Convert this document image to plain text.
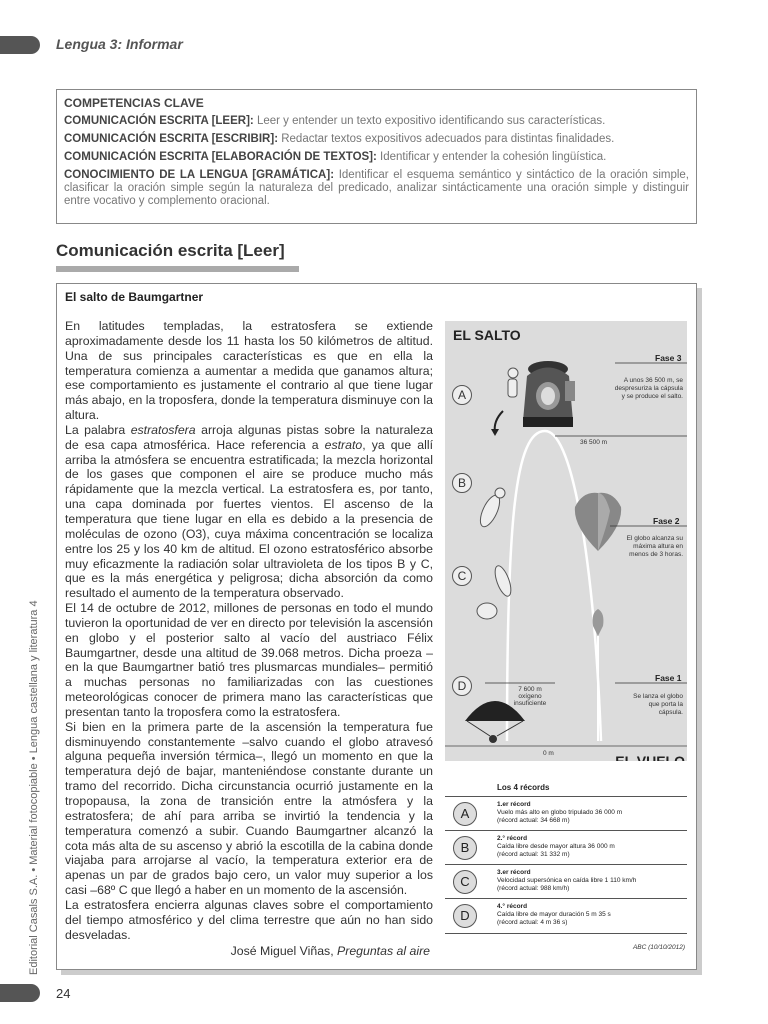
Lengua 3: Informar
Editorial Casals S.A. • Material fotocopiable • Lengua castellana y literatura 4
COMPETENCIAS CLAVE

COMUNICACIÓN ESCRITA [LEER]: Leer y entender un texto expositivo identificando sus características.

COMUNICACIÓN ESCRITA [ESCRIBIR]: Redactar textos expositivos adecuados para distintas finalidades.

COMUNICACIÓN ESCRITA [ELABORACIÓN DE TEXTOS]: Identificar y entender la cohesión lingüística.

CONOCIMIENTO DE LA LENGUA [GRAMÁTICA]: Identificar el esquema semántico y sintáctico de la oración simple, clasificar la oración simple según la naturaleza del predicado, analizar sintácticamente una oración simple y distinguir entre vocativo y complemento oracional.

Comunicación escrita [Leer]
El salto de Baumgartner

En latitudes templadas, la estratosfera se extiende aproximadamente desde los 11 hasta los 50 kilómetros de altitud. Una de sus principales características es que en ella la temperatura comienza a aumentar a medida que ganamos altura; ese comportamiento es justamente el contrario al que tiene lugar más abajo, en la troposfera, donde la temperatura disminuye con la altura.

La palabra estratosfera arroja algunas pistas sobre la naturaleza de esa capa atmosférica. Hace referencia a estrato, ya que allí arriba la atmósfera se encuentra estratificada; la mezcla horizontal de los gases que componen el aire se produce mucho más rápidamente que la mezcla vertical. La estratosfera es, por tanto, una capa dominada por fuertes vientos. El ascenso de la temperatura que tiene lugar en ella es debido a la presencia de moléculas de ozono (O3), cuya máxima concentración se localiza entre los 25 y los 40 km de altitud. El ozono estratosférico absorbe muy eficazmente la radiación solar ultravioleta de los tipos B y C, que es la más energética y peligrosa; dicha absorción da como resultado el aumento de la temperatura observado.

El 14 de octubre de 2012, millones de personas en todo el mundo tuvieron la oportunidad de ver en directo por televisión la ascensión en globo y el posterior salto al vacío del austriaco Félix Baumgartner, desde una altitud de 39.068 metros. Dicha proeza –en la que Baumgartner batió tres plusmarcas mundiales– permitió a muchas personas no familiarizadas con las cuestiones meteorológicas conocer de primera mano las características que presentan tanto la troposfera como la estratosfera.

Si bien en la primera parte de la ascensión la temperatura fue disminuyendo constantemente –salvo cuando el globo atravesó alguna pequeña inversión térmica–, llegó un momento en que la temperatura dejó de bajar, manteniéndose constante durante un tramo del recorrido. Dicha circunstancia ocurrió justamente en la tropopausa, la zona de transición entre la atmósfera y la estratosfera; de ahí para arriba se invirtió la tendencia y la temperatura comenzó a subir. Cuando Baumgartner alcanzó la cota más alta de su ascenso y abrió la escotilla de la cabina donde viajaba para arrojarse al vacío, la temperatura exterior era de apenas un par de grados bajo cero, un valor muy superior a los casi –68º C que llegó a haber en un momento de la ascensión.

La estratosfera encierra algunas claves sobre el comportamiento del tiempo atmosférico y del clima terrestre que aún no han sido desveladas.

José Miguel Viñas, Preguntas al aire
EL SALTO
Fase 3
A unos 36 500 m, se despresuriza la cápsula y se produce el salto.
36 500 m
Fase 2
El globo alcanza su máxima altura en menos de 3 horas.
7 600 m oxígeno insuficiente
Fase 1
Se lanza el globo que porta la cápsula.
0 m
A
B
C
D
Los 4 récords
A
1.er récord
Vuelo más alto en globo tripulado 36 000 m
(récord actual: 34 668 m)
B
2.° récord
Caída libre desde mayor altura 36 000 m
(récord actual: 31 332 m)
C
3.er récord
Velocidad supersónica en caída libre 1 110 km/h
(récord actual: 988 km/h)
D
4.° récord
Caída libre de mayor duración 5 m 35 s
(récord actual: 4 m 36 s)
ABC (10/10/2012)
24
